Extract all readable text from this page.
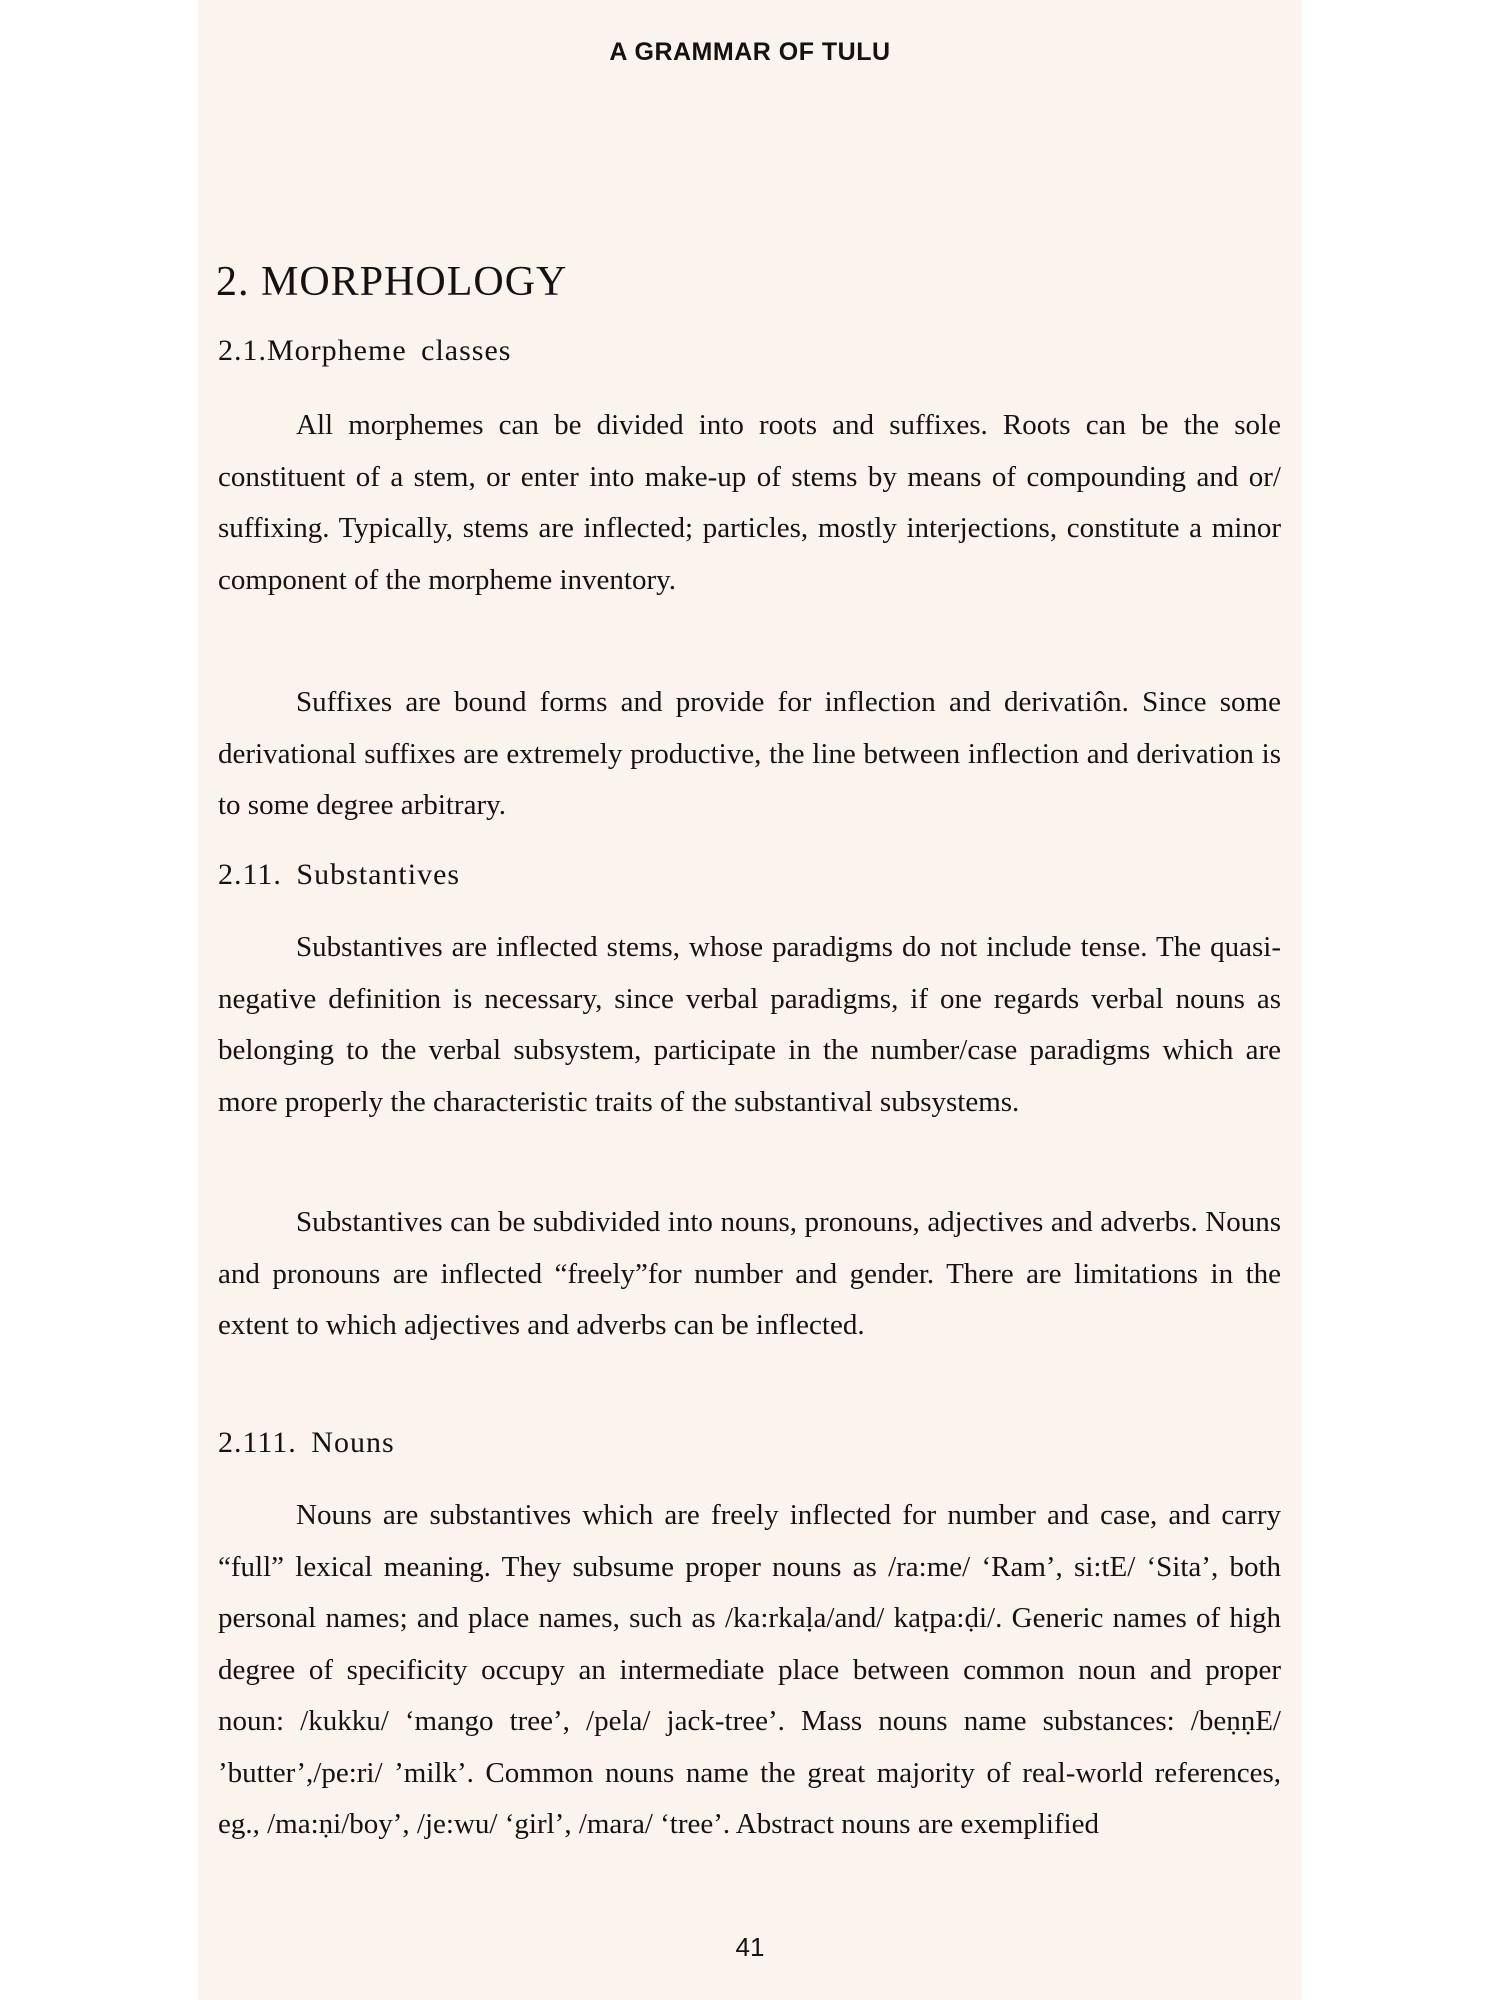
A GRAMMAR OF TULU
2. MORPHOLOGY
2.1.Morpheme classes

All morphemes can be divided into roots and suffixes. Roots can be the sole constituent of a stem, or enter into make-up of stems by means of compounding and or/ suffixing. Typically, stems are inflected; particles, mostly interjections, constitute a minor component of the morpheme inventory.

Suffixes are bound forms and provide for inflection and derivatiôn. Since some derivational suffixes are extremely productive, the line between inflection and derivation is to some degree arbitrary.

2.11. Substantives

Substantives are inflected stems, whose paradigms do not include tense. The quasi-negative definition is necessary, since verbal paradigms, if one regards verbal nouns as belonging to the verbal subsystem, participate in the number/case paradigms which are more properly the characteristic traits of the substantival subsystems.

Substantives can be subdivided into nouns, pronouns, adjectives and adverbs. Nouns and pronouns are inflected “freely”for number and gender. There are limitations in the extent to which adjectives and adverbs can be inflected.

2.111. Nouns

Nouns are substantives which are freely inflected for number and case, and carry “full” lexical meaning. They subsume proper nouns as /ra:me/ ‘Ram’, si:tE/ ‘Sita’, both personal names; and place names, such as /ka:rkaḷa/and/ kaṭpa:ḍi/. Generic names of high degree of specificity occupy an intermediate place between common noun and proper noun: /kukku/ ‘mango tree’, /pela/ jack-tree’. Mass nouns name substances: /beṇṇE/ ’butter’,/pe:ri/ ’milk’. Common nouns name the great majority of real-world references, eg., /ma:ṇi/boy’, /je:wu/ ‘girl’, /mara/ ‘tree’. Abstract nouns are exemplified

41
